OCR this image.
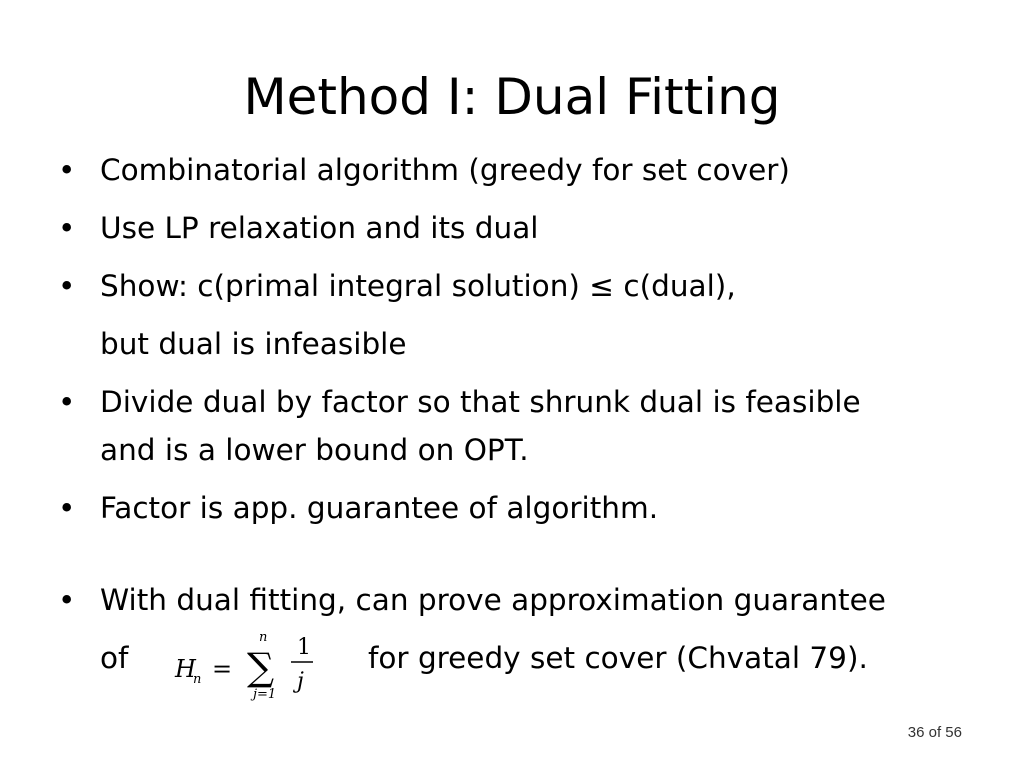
Method I: Dual Fitting
• Combinatorial algorithm (greedy for set cover)
• Use LP relaxation and its dual
• Show: c(primal integral solution) ≤ c(dual),
but dual is infeasible
• Divide dual by factor so that shrunk dual is feasible
and is a lower bound on OPT.
• Factor is app. guarantee of algorithm.
• With dual fitting, can prove approximation guarantee
of	for greedy set cover (Chvatal 79).
H
n =
n
∑
j=1
1
j
36 of 56
